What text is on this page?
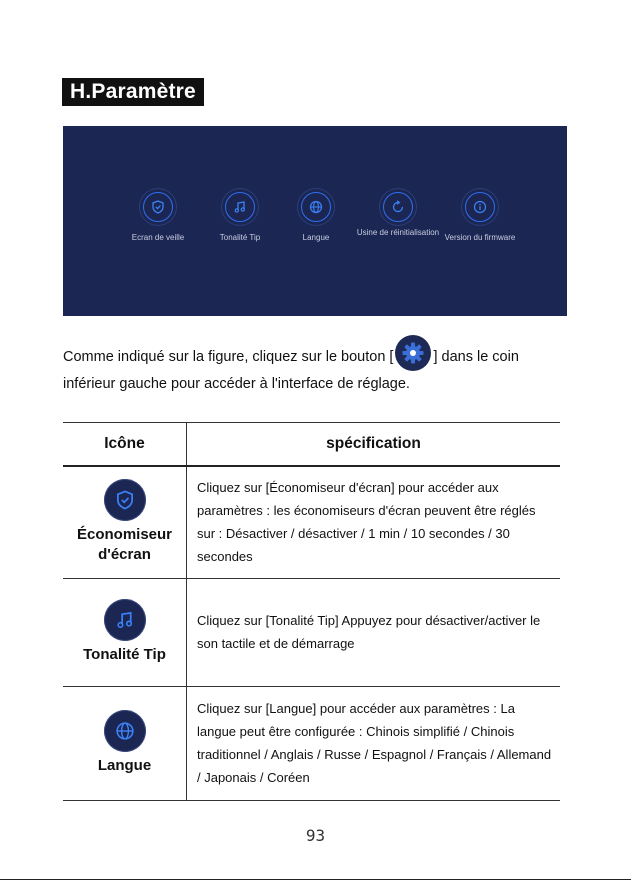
H.Paramètre
Ecran de veille	Tonalité Tip	Langue
Usine de réinitialisation
Version du firmware
Comme indiqué sur la figure, cliquez sur le bouton [	] dans le coin inférieur gauche pour accéder à l'interface de réglage.
Icône	spécification

Économiseur d'écran	Cliquez sur [Économiseur d'écran] pour accéder aux paramètres : les économiseurs d'écran peuvent être réglés sur : Désactiver / désactiver / 1 min / 10 secondes / 30 secondes

Tonalité Tip	Cliquez sur [Tonalité Tip] Appuyez pour désactiver/activer le son tactile et de démarrage

Langue	Cliquez sur [Langue] pour accéder aux paramètres : La langue peut être configurée : Chinois simplifié / Chinois traditionnel / Anglais / Russe / Espagnol / Français / Allemand / Japonais / Coréen
93
